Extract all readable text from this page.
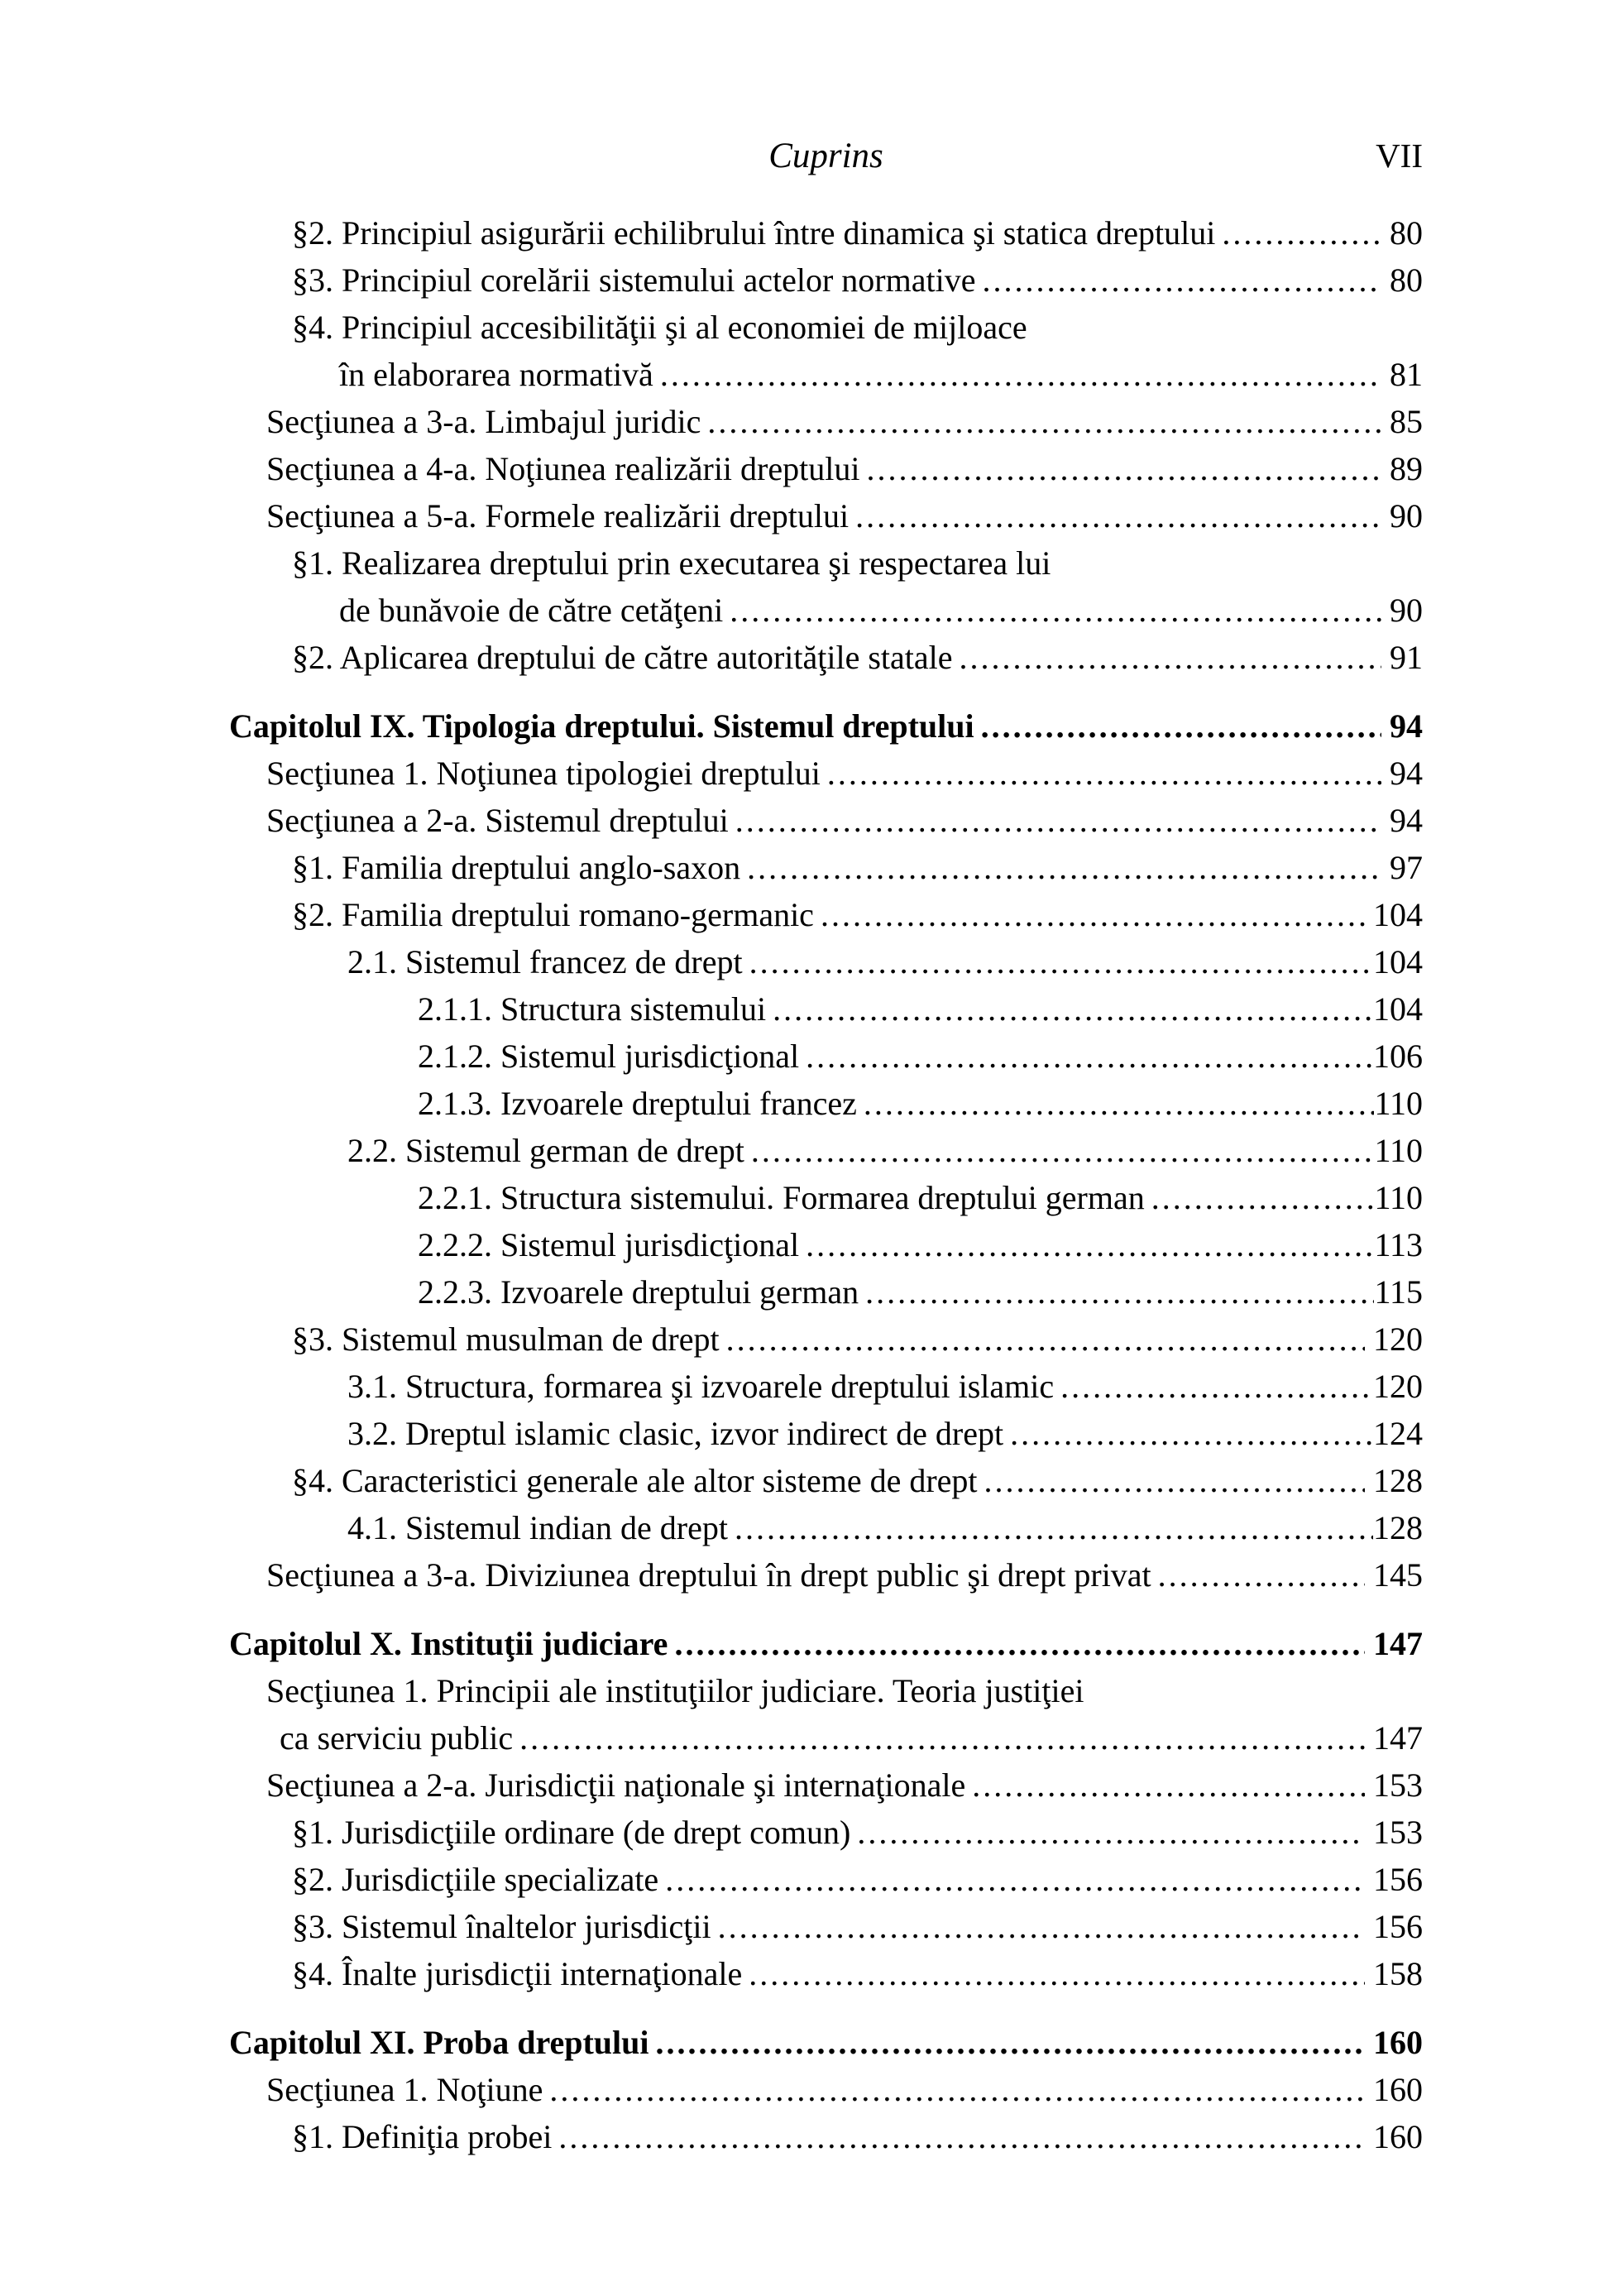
Cuprins	VII
§2. Principiul asigurării echilibrului între dinamica şi statica dreptului .....	80
§3. Principiul corelării sistemului actelor normative .....	80
§4. Principiul accesibilităţii şi al economiei de mijloace
în elaborarea normativă .....	81
Secţiunea a 3-a. Limbajul juridic .....	85
Secţiunea a 4-a. Noţiunea realizării dreptului .....	89
Secţiunea a 5-a. Formele realizării dreptului .....	90
§1. Realizarea dreptului prin executarea şi respectarea lui
de bunăvoie de către cetăţeni .....	90
§2. Aplicarea dreptului de către autorităţile statale .....	91
Capitolul IX. Tipologia dreptului. Sistemul dreptului .....	94
Secţiunea 1. Noţiunea tipologiei dreptului .....	94
Secţiunea a 2-a. Sistemul dreptului .....	94
§1. Familia dreptului anglo-saxon .....	97
§2. Familia dreptului romano-germanic .....	104
2.1. Sistemul francez de drept .....	104
2.1.1. Structura sistemului .....	104
2.1.2. Sistemul jurisdicţional .....	106
2.1.3. Izvoarele dreptului francez .....	110
2.2. Sistemul german de drept .....	110
2.2.1. Structura sistemului. Formarea dreptului german .....	110
2.2.2. Sistemul jurisdicţional .....	113
2.2.3. Izvoarele dreptului german .....	115
§3. Sistemul musulman de drept .....	120
3.1. Structura, formarea şi izvoarele dreptului islamic .....	120
3.2. Dreptul islamic clasic, izvor indirect de drept .....	124
§4. Caracteristici generale ale altor sisteme de drept .....	128
4.1. Sistemul indian de drept .....	128
Secţiunea a 3-a. Diviziunea dreptului în drept public şi drept privat .....	145
Capitolul X. Instituţii judiciare .....	147
Secţiunea 1. Principii ale instituţiilor judiciare. Teoria justiţiei
ca serviciu public .....	147
Secţiunea a 2-a. Jurisdicţii naţionale şi internaţionale .....	153
§1. Jurisdicţiile ordinare (de drept comun) .....	153
§2. Jurisdicţiile specializate .....	156
§3. Sistemul înaltelor jurisdicţii .....	156
§4. Înalte jurisdicţii internaţionale .....	158
Capitolul XI. Proba dreptului .....	160
Secţiunea 1. Noţiune .....	160
§1. Definiţia probei .....	160
